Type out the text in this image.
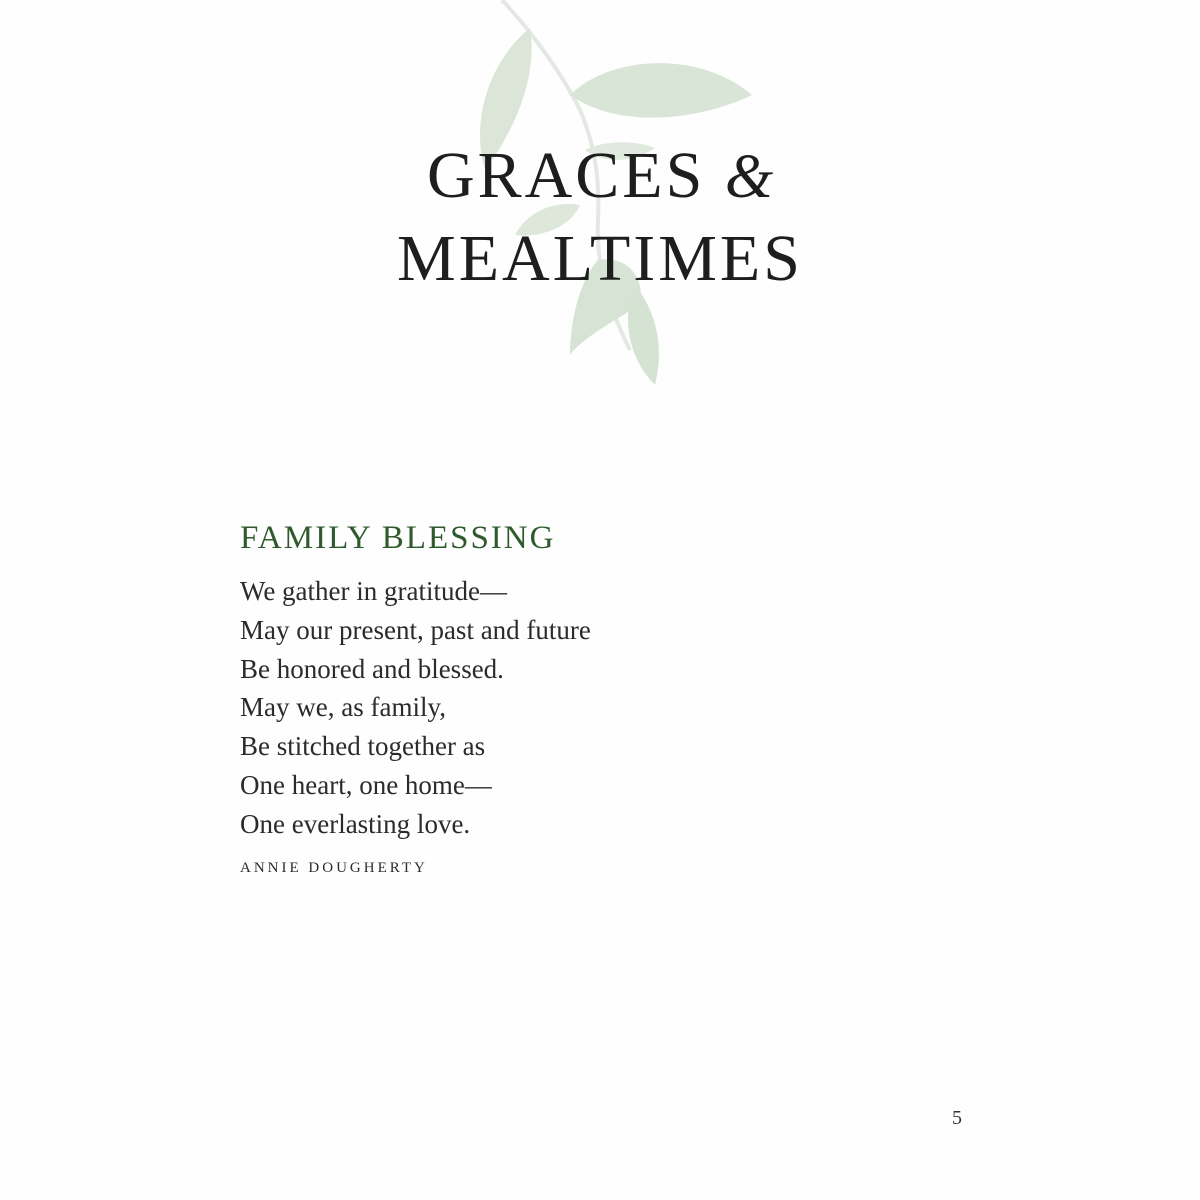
GRACES &
MEALTIMES
FAMILY BLESSING
We gather in gratitude—
May our present, past and future
Be honored and blessed.
May we, as family,
Be stitched together as
One heart, one home—
One everlasting love.
ANNIE DOUGHERTY
5
